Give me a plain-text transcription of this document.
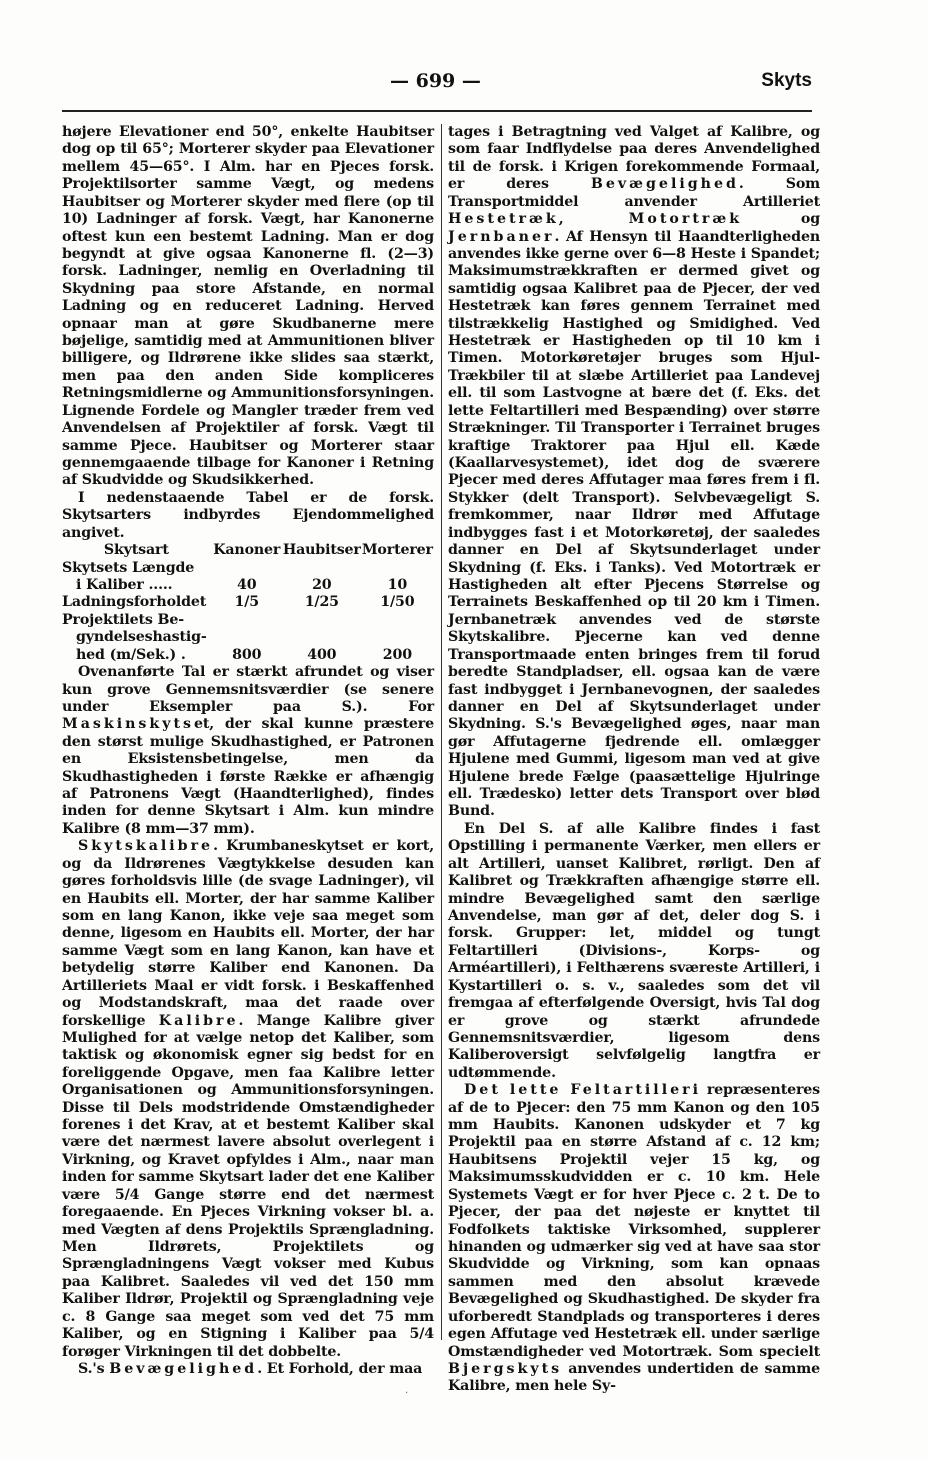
— 699 —	Skyts

højere Elevationer end 50°, enkelte Haubitser dog op til 65°; Morterer skyder paa Elevationer mellem 45—65°. I Alm. har en Pjeces forsk. Projektilsorter samme Vægt, og medens Haubitser og Morterer skyder med flere (op til 10) Ladninger af forsk. Vægt, har Kanonerne oftest kun een bestemt Ladning. Man er dog begyndt at give ogsaa Kanonerne fl. (2—3) forsk. Ladninger, nemlig en Overladning til Skydning paa store Afstande, en normal Ladning og en reduceret Ladning. Herved opnaar man at gøre Skudbanerne mere bøjelige, samtidig med at Ammunitionen bliver billigere, og Ildrørene ikke slides saa stærkt, men paa den anden Side kompliceres Retningsmidlerne og Ammunitionsforsyningen. Lignende Fordele og Mangler træder frem ved Anvendelsen af Projektiler af forsk. Vægt til samme Pjece. Haubitser og Morterer staar gennemgaaende tilbage for Kanoner i Retning af Skudvidde og Skudsikkerhed.

I nedenstaaende Tabel er de forsk. Skytsarters indbyrdes Ejendommelighed angivet.

Skytsart	Kanoner	Haubitser	Morterer

Skytsets Længde
i Kaliber .....	40	20	10

Ladningsforholdet	1/5	1/25	1/50

Projektilets Be-
gyndelseshastig-
hed (m/Sek.) .	800	400	200

Ovenanførte Tal er stærkt afrundet og viser kun grove Gennemsnitsværdier (se senere under Eksempler paa S.). For Maskinskytset, der skal kunne præstere den størst mulige Skudhastighed, er Patronen en Eksistensbetingelse, men da Skudhastigheden i første Række er afhængig af Patronens Vægt (Haandterlighed), findes inden for denne Skytsart i Alm. kun mindre Kalibre (8 mm—37 mm).

Skytskalibre. Krumbaneskytset er kort, og da Ildrørenes Vægtykkelse desuden kan gøres forholdsvis lille (de svage Ladninger), vil en Haubits ell. Morter, der har samme Kaliber som en lang Kanon, ikke veje saa meget som denne, ligesom en Haubits ell. Morter, der har samme Vægt som en lang Kanon, kan have et betydelig større Kaliber end Kanonen. Da Artilleriets Maal er vidt forsk. i Beskaffenhed og Modstandskraft, maa det raade over forskellige Kalibre. Mange Kalibre giver Mulighed for at vælge netop det Kaliber, som taktisk og økonomisk egner sig bedst for en foreliggende Opgave, men faa Kalibre letter Organisationen og Ammunitionsforsyningen. Disse til Dels modstridende Omstændigheder forenes i det Krav, at et bestemt Kaliber skal være det nærmest lavere absolut overlegent i Virkning, og Kravet opfyldes i Alm., naar man inden for samme Skytsart lader det ene Kaliber være 5/4 Gange større end det nærmest foregaaende. En Pjeces Virkning vokser bl. a. med Vægten af dens Projektils Sprængladning. Men Ildrørets, Projektilets og Sprængladningens Vægt vokser med Kubus paa Kalibret. Saaledes vil ved det 150 mm Kaliber Ildrør, Projektil og Sprængladning veje c. 8 Gange saa meget som ved det 75 mm Kaliber, og en Stigning i Kaliber paa 5/4 forøger Virkningen til det dobbelte.

S.'s Bevægelighed. Et Forhold, der maa

tages i Betragtning ved Valget af Kalibre, og som faar Indflydelse paa deres Anvendelighed til de forsk. i Krigen forekommende Formaal, er deres Bevægelighed. Som Transportmiddel anvender Artilleriet Hestetræk, Motortræk og Jernbaner. Af Hensyn til Haandterligheden anvendes ikke gerne over 6—8 Heste i Spandet; Maksimumstrækkraften er dermed givet og samtidig ogsaa Kalibret paa de Pjecer, der ved Hestetræk kan føres gennem Terrainet med tilstrækkelig Hastighed og Smidighed. Ved Hestetræk er Hastigheden op til 10 km i Timen. Motorkøretøjer bruges som Hjul-Trækbiler til at slæbe Artilleriet paa Landevej ell. til som Lastvogne at bære det (f. Eks. det lette Feltartilleri med Bespænding) over større Strækninger. Til Transporter i Terrainet bruges kraftige Traktorer paa Hjul ell. Kæde (Kaallarvesystemet), idet dog de sværere Pjecer med deres Affutager maa føres frem i fl. Stykker (delt Transport). Selvbevægeligt S. fremkommer, naar Ildrør med Affutage indbygges fast i et Motorkøretøj, der saaledes danner en Del af Skytsunderlaget under Skydning (f. Eks. i Tanks). Ved Motortræk er Hastigheden alt efter Pjecens Størrelse og Terrainets Beskaffenhed op til 20 km i Timen. Jernbanetræk anvendes ved de største Skytskalibre. Pjecerne kan ved denne Transportmaade enten bringes frem til forud beredte Standpladser, ell. ogsaa kan de være fast indbygget i Jernbanevognen, der saaledes danner en Del af Skytsunderlaget under Skydning. S.'s Bevægelighed øges, naar man gør Affutagerne fjedrende ell. omlægger Hjulene med Gummi, ligesom man ved at give Hjulene brede Fælge (paasættelige Hjulringe ell. Trædesko) letter dets Transport over blød Bund.

En Del S. af alle Kalibre findes i fast Opstilling i permanente Værker, men ellers er alt Artilleri, uanset Kalibret, rørligt. Den af Kalibret og Trækkraften afhængige større ell. mindre Bevægelighed samt den særlige Anvendelse, man gør af det, deler dog S. i forsk. Grupper: let, middel og tungt Feltartilleri (Divisions-, Korps- og Arméartilleri), i Felthærens sværeste Artilleri, i Kystartilleri o. s. v., saaledes som det vil fremgaa af efterfølgende Oversigt, hvis Tal dog er grove og stærkt afrundede Gennemsnitsværdier, ligesom dens Kaliberoversigt selvfølgelig langtfra er udtømmende.

Det lette Feltartilleri repræsenteres af de to Pjecer: den 75 mm Kanon og den 105 mm Haubits. Kanonen udskyder et 7 kg Projektil paa en større Afstand af c. 12 km; Haubitsens Projektil vejer 15 kg, og Maksimumsskudvidden er c. 10 km. Hele Systemets Vægt er for hver Pjece c. 2 t. De to Pjecer, der paa det nøjeste er knyttet til Fodfolkets taktiske Virksomhed, supplerer hinanden og udmærker sig ved at have saa stor Skudvidde og Virkning, som kan opnaas sammen med den absolut krævede Bevægelighed og Skudhastighed. De skyder fra uforberedt Standplads og transporteres i deres egen Affutage ved Hestetræk ell. under særlige Omstændigheder ved Motortræk. Som specielt Bjergskyts anvendes undertiden de samme Kalibre, men hele Sy-

·
